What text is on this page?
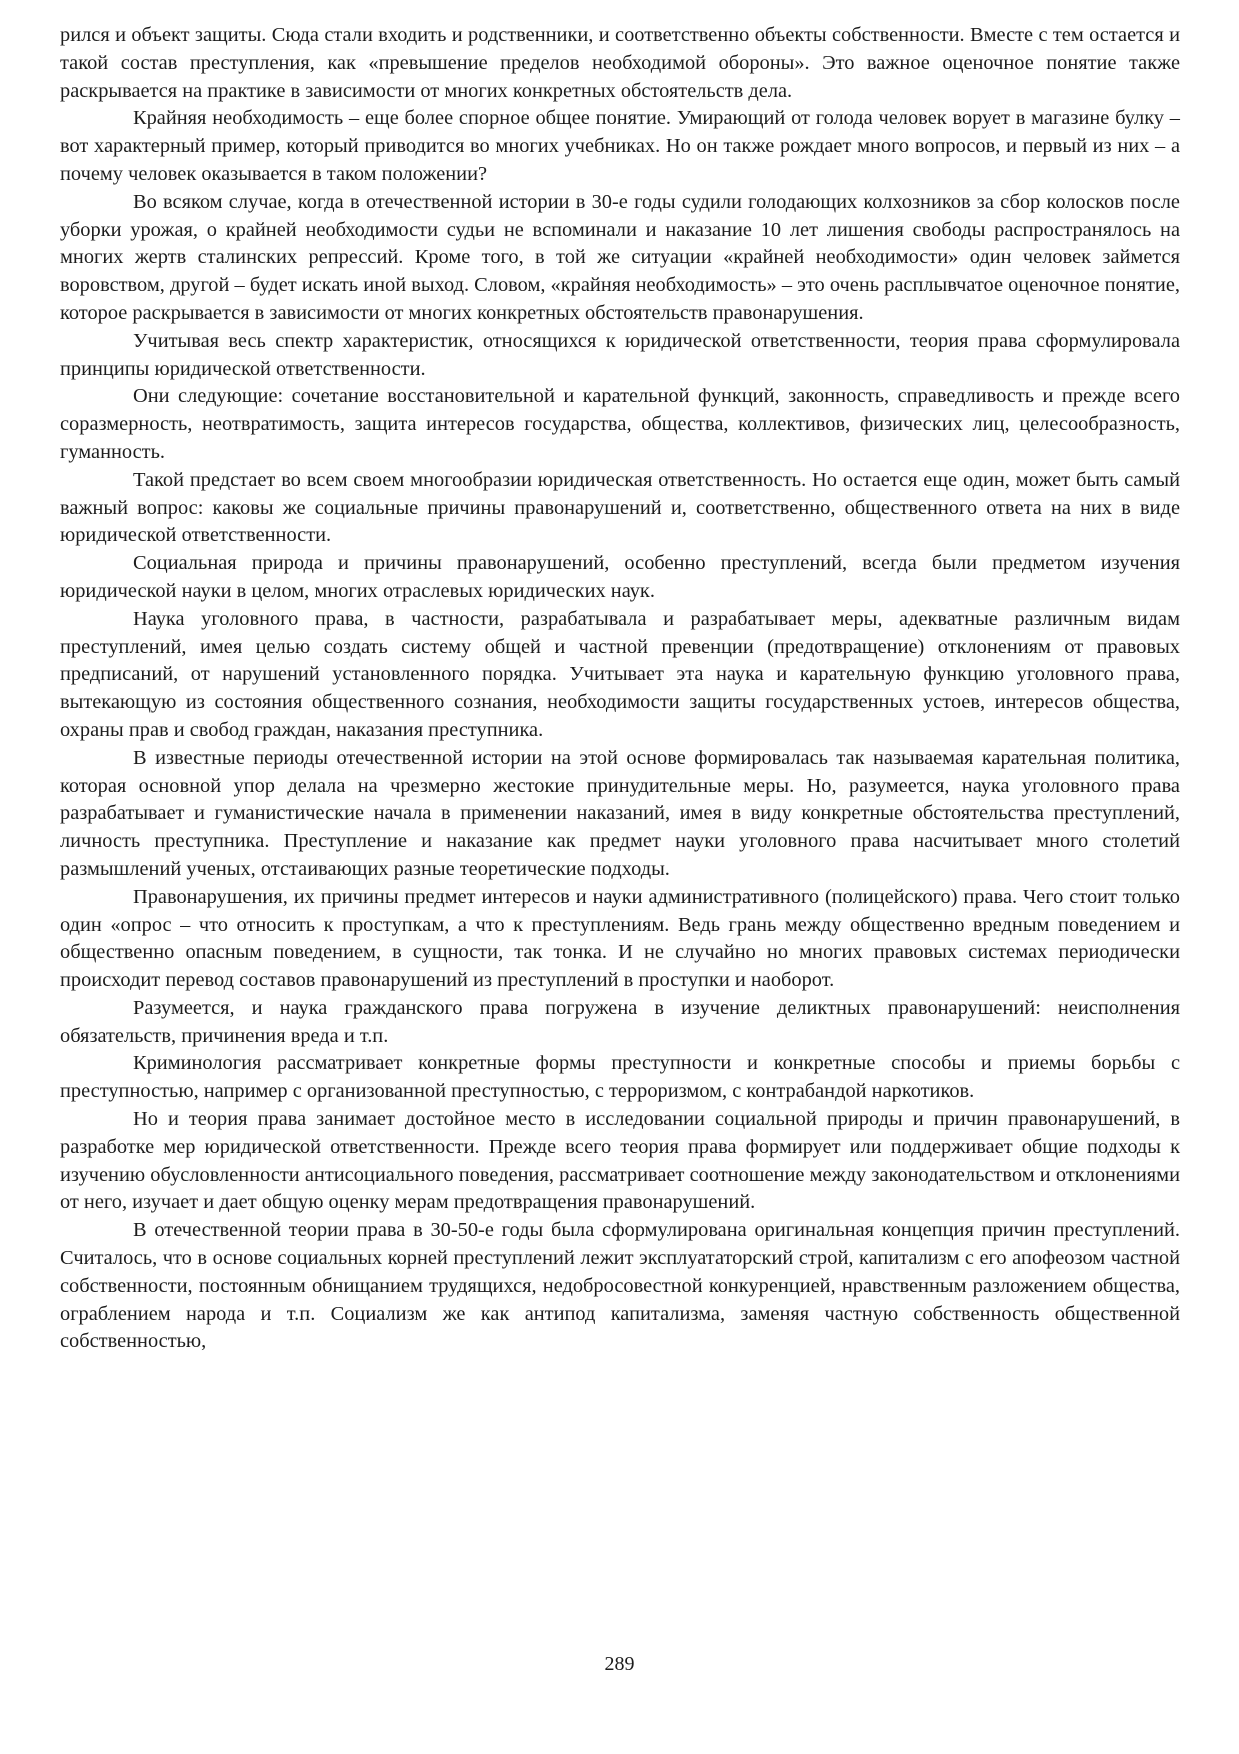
рился и объект защиты. Сюда стали входить и родственники, и соответственно объекты собственности. Вместе с тем остается и такой состав преступления, как «превышение пределов необходимой обороны». Это важное оценочное понятие также раскрывается на практике в зависимости от многих конкретных обстоятельств дела.

Крайняя необходимость – еще более спорное общее понятие. Умирающий от голода человек ворует в магазине булку – вот характерный пример, который приводится во многих учебниках. Но он также рождает много вопросов, и первый из них – а почему человек оказывается в таком положении?

Во всяком случае, когда в отечественной истории в 30-е годы судили голодающих колхозников за сбор колосков после уборки урожая, о крайней необходимости судьи не вспоминали и наказание 10 лет лишения свободы распространялось на многих жертв сталинских репрессий. Кроме того, в той же ситуации «крайней необходимости» один человек займется воровством, другой – будет искать иной выход. Словом, «крайняя необходимость» – это очень расплывчатое оценочное понятие, которое раскрывается в зависимости от многих конкретных обстоятельств правонарушения.

Учитывая весь спектр характеристик, относящихся к юридической ответственности, теория права сформулировала принципы юридической ответственности.

Они следующие: сочетание восстановительной и карательной функций, законность, справедливость и прежде всего соразмерность, неотвратимость, защита интересов государства, общества, коллективов, физических лиц, целесообразность, гуманность.

Такой предстает во всем своем многообразии юридическая ответственность. Но остается еще один, может быть самый важный вопрос: каковы же социальные причины правонарушений и, соответственно, общественного ответа на них в виде юридической ответственности.

Социальная природа и причины правонарушений, особенно преступлений, всегда были предметом изучения юридической науки в целом, многих отраслевых юридических наук.

Наука уголовного права, в частности, разрабатывала и разрабатывает меры, адекватные различным видам преступлений, имея целью создать систему общей и частной превенции (предотвращение) отклонениям от правовых предписаний, от нарушений установленного порядка. Учитывает эта наука и карательную функцию уголовного права, вытекающую из состояния общественного сознания, необходимости защиты государственных устоев, интересов общества, охраны прав и свобод граждан, наказания преступника.

В известные периоды отечественной истории на этой основе формировалась так называемая карательная политика, которая основной упор делала на чрезмерно жестокие принудительные меры. Но, разумеется, наука уголовного права разрабатывает и гуманистические начала в применении наказаний, имея в виду конкретные обстоятельства преступлений, личность преступника. Преступление и наказание как предмет науки уголовного права насчитывает много столетий размышлений ученых, отстаивающих разные теоретические подходы.

Правонарушения, их причины предмет интересов и науки административного (полицейского) права. Чего стоит только один «опрос – что относить к проступкам, а что к преступлениям. Ведь грань между общественно вредным поведением и общественно опасным поведением, в сущности, так тонка. И не случайно но многих правовых системах периодически происходит перевод составов правонарушений из преступлений в проступки и наоборот.

Разумеется, и наука гражданского права погружена в изучение деликтных правонарушений: неисполнения обязательств, причинения вреда и т.п.

Криминология рассматривает конкретные формы преступности и конкретные способы и приемы борьбы с преступностью, например с организованной преступностью, с терроризмом, с контрабандой наркотиков.

Но и теория права занимает достойное место в исследовании социальной природы и причин правонарушений, в разработке мер юридической ответственности. Прежде всего теория права формирует или поддерживает общие подходы к изучению обусловленности антисоциального поведения, рассматривает соотношение между законодательством и отклонениями от него, изучает и дает общую оценку мерам предотвращения правонарушений.

В отечественной теории права в 30-50-е годы была сформулирована оригинальная концепция причин преступлений. Считалось, что в основе социальных корней преступлений лежит эксплуататорский строй, капитализм с его апофеозом частной собственности, постоянным обнищанием трудящихся, недобросовестной конкуренцией, нравственным разложением общества, ограблением народа и т.п. Социализм же как антипод капитализма, заменяя частную собственность общественной собственностью,

289
